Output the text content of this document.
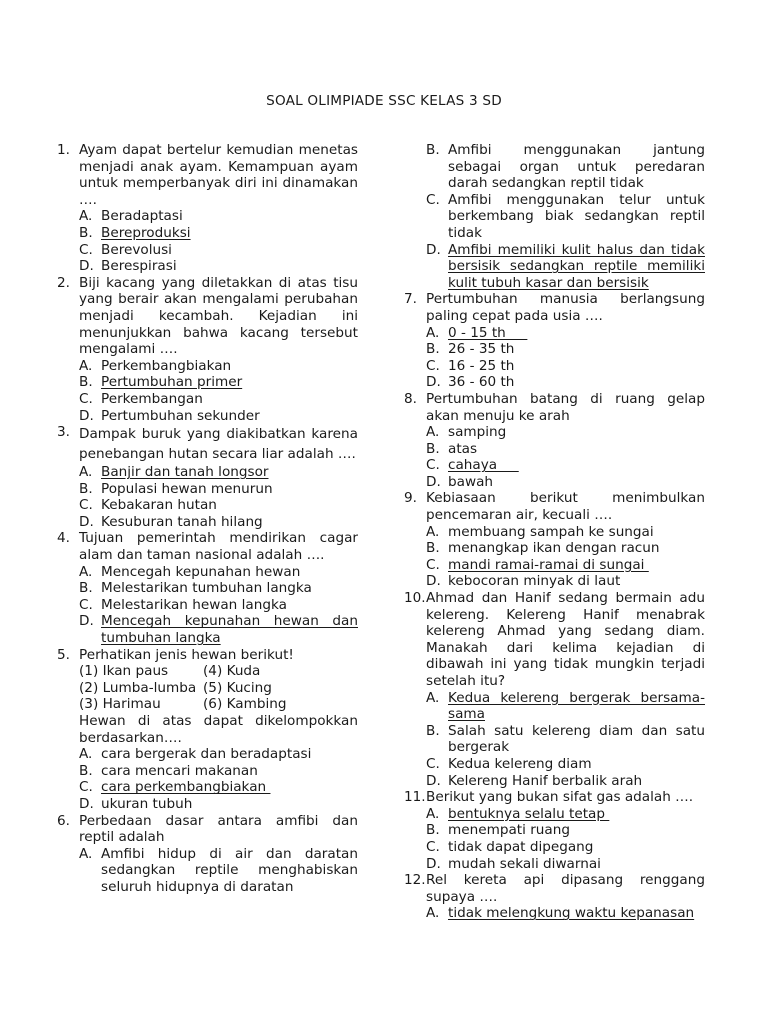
SOAL OLIMPIADE SSC KELAS 3 SD
1. Ayam dapat bertelur kemudian menetas menjadi anak ayam. Kemampuan ayam untuk memperbanyak diri ini dinamakan ….
A. Beradaptasi
B. Bereproduksi
C. Berevolusi
D. Berespirasi
2. Biji kacang yang diletakkan di atas tisu yang berair akan mengalami perubahan menjadi kecambah. Kejadian ini menunjukkan bahwa kacang tersebut mengalami ….
A. Perkembangbiakan
B. Pertumbuhan primer
C. Perkembangan
D. Pertumbuhan sekunder
3. Dampak buruk yang diakibatkan karena penebangan hutan secara liar adalah ….
A. Banjir dan tanah longsor
B. Populasi hewan menurun
C. Kebakaran hutan
D. Kesuburan tanah hilang
4. Tujuan pemerintah mendirikan cagar alam dan taman nasional adalah ….
A. Mencegah kepunahan hewan
B. Melestarikan tumbuhan langka
C. Melestarikan hewan langka
D. Mencegah kepunahan hewan dan tumbuhan langka
5. Perhatikan jenis hewan berikut!
(1) Ikan paus	(4) Kuda
(2) Lumba-lumba (5) Kucing
(3) Harimau	(6) Kambing
Hewan di atas dapat dikelompokkan berdasarkan….
A. cara bergerak dan beradaptasi
B. cara mencari makanan
C. cara perkembangbiakan
D. ukuran tubuh
6. Perbedaan dasar antara amfibi dan reptil adalah
A. Amfibi hidup di air dan daratan sedangkan reptile menghabiskan seluruh hidupnya di daratan
B. Amfibi menggunakan jantung sebagai organ untuk peredaran darah sedangkan reptil tidak
C. Amfibi menggunakan telur untuk berkembang biak sedangkan reptil tidak
D. Amfibi memiliki kulit halus dan tidak bersisik sedangkan reptile memiliki kulit tubuh kasar dan bersisik
7. Pertumbuhan manusia berlangsung paling cepat pada usia ….
A. 0 - 15 th
B. 26 - 35 th
C. 16 - 25 th
D. 36 - 60 th
8. Pertumbuhan batang di ruang gelap akan menuju ke arah
A. samping
B. atas
C. cahaya
D. bawah
9. Kebiasaan berikut menimbulkan pencemaran air, kecuali ….
A. membuang sampah ke sungai
B. menangkap ikan dengan racun
C. mandi ramai-ramai di sungai
D. kebocoran minyak di laut
10. Ahmad dan Hanif sedang bermain adu kelereng. Kelereng Hanif menabrak kelereng Ahmad yang sedang diam. Manakah dari kelima kejadian di dibawah ini yang tidak mungkin terjadi setelah itu?
A. Kedua kelereng bergerak bersama-sama
B. Salah satu kelereng diam dan satu bergerak
C. Kedua kelereng diam
D. Kelereng Hanif berbalik arah
11. Berikut yang bukan sifat gas adalah ….
A. bentuknya selalu tetap
B. menempati ruang
C. tidak dapat dipegang
D. mudah sekali diwarnai
12. Rel kereta api dipasang renggang supaya ….
A. tidak melengkung waktu kepanasan
